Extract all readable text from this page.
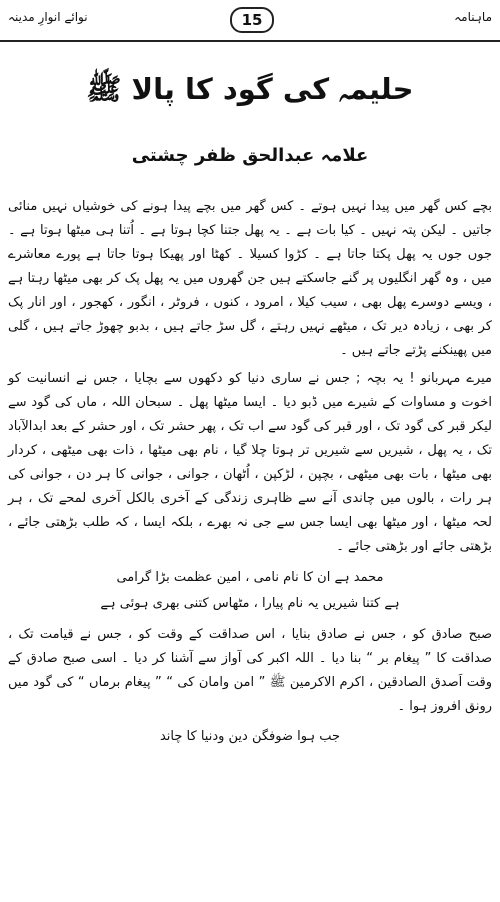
نوائے انوارِ مدینہ	15	ماہنامہ
حلیمہ کی گود کا پالا ﷺ
علامہ عبدالحق ظفر چشتی

بچے کس گھر میں پیدا نہیں ہوتے ۔ کس گھر میں بچے پیدا ہونے کی خوشیاں نہیں منائی جاتیں ۔ لیکن پتہ نہیں ۔ کیا بات ہے ۔ یہ پھل جتنا کچا ہوتا ہے ۔ اُتنا ہی میٹھا ہوتا ہے ۔ جوں جوں یہ پھل پکتا جاتا ہے ۔ کڑوا کسیلا ۔ کھٹا اور پھیکا ہوتا جاتا ہے پورے معاشرے میں ، وہ گھر انگلیوں پر گنے جاسکتے ہیں جن گھروں میں یہ پھل پک کر بھی میٹھا رہتا ہے ، ویسے دوسرے پھل بھی ، سیب کیلا ، امرود ، کنوں ، فروٹر ، انگور ، کھجور ، اور انار پک کر بھی ، زیادہ دیر تک ، میٹھے نہیں رہتے ، گل سڑ جاتے ہیں ، بدبو چھوڑ جاتے ہیں ، گلی میں پھینکنے پڑتے جاتے ہیں ۔

میرے مہربانو ! یہ بچہ ; جس نے ساری دنیا کو دکھوں سے بچایا ، جس نے انسانیت کو اخوت و مساوات کے شیرے میں ڈبو دیا ۔ ایسا میٹھا پھل ۔ سبحان اللہ ، ماں کی گود سے لیکر قبر کی گود تک ، اور قبر کی گود سے اب تک ، پھر حشر تک ، اور حشر کے بعد ابدالآباد تک ، یہ پھل ، شیریں سے شیریں تر ہوتا چلا گیا ، نام بھی میٹھا ، ذات بھی میٹھی ، کردار بھی میٹھا ، بات بھی میٹھی ، بچپن ، لڑکپن ، اُٹھان ، جوانی ، جوانی کا ہر دن ، جوانی کی ہر رات ، بالوں میں چاندی آنے سے ظاہری زندگی کے آخری بالکل آخری لمحے تک ، ہر لحہ میٹھا ، اور میٹھا بھی ایسا جس سے جی نہ بھرے ، بلکہ ایسا ، کہ طلب بڑھتی جائے ، بڑھتی جائے اور بڑھتی جائے ۔

محمد ہے ان کا نام نامی ، امین عظمت بڑا گرامی
ہے کتنا شیریں یہ نام پیارا ، مٹھاس کتنی بھری ہوئی ہے

صبح صادق کو ، جس نے صادق بنایا ، اس صداقت کے وقت کو ، جس نے قیامت تک ، صداقت کا ” پیغام بر “ بنا دیا ۔ اللہ اکبر کی آواز سے آشنا کر دیا ۔ اسی صبح صادق کے وقت اَصدق الصادقین ، اکرم الاکرمین ﷺ ” امن وامان کی “ ” پیغام برماں “ کی گود میں رونق افروز ہوا ۔

جب ہوا ضوفگن دین ودنیا کا چاند
